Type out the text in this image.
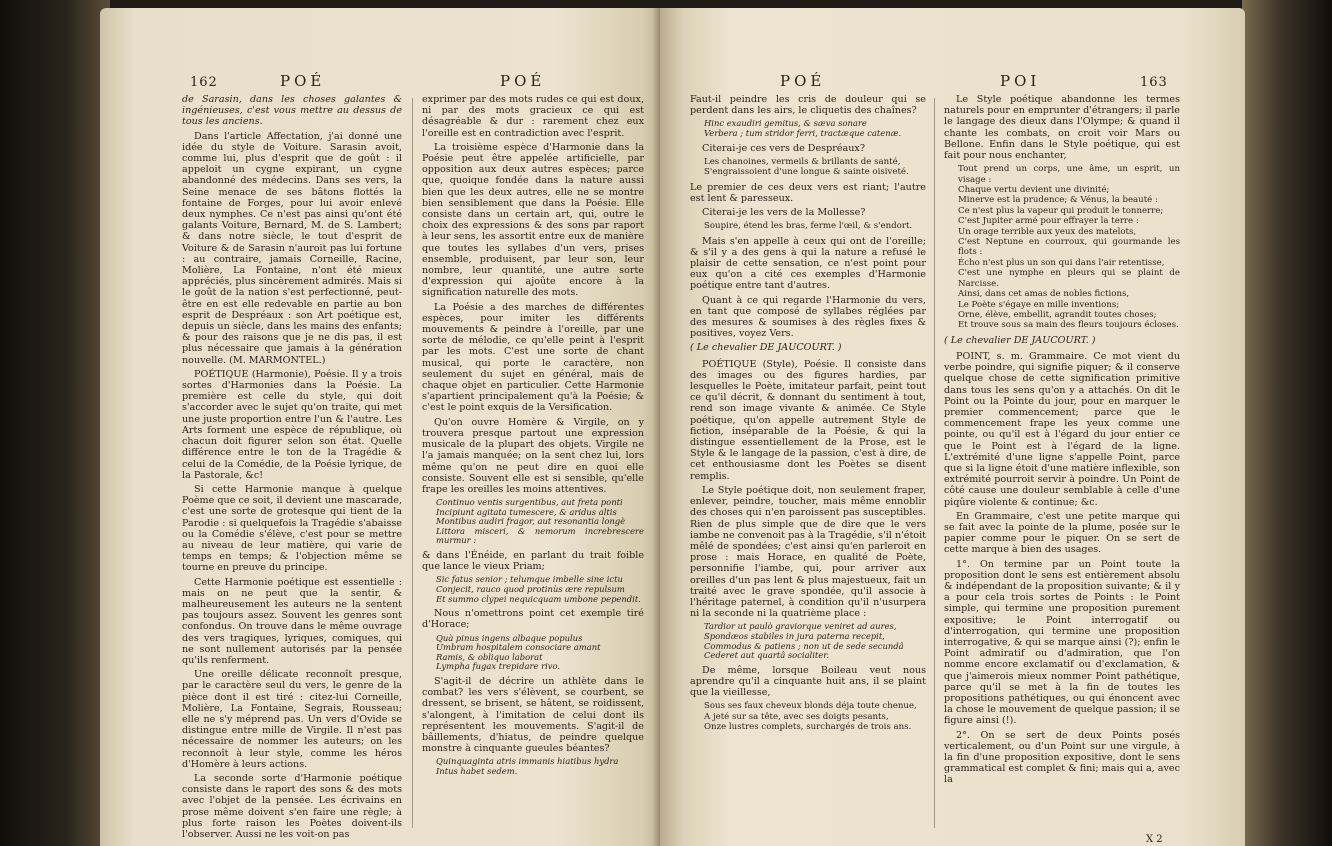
162	POÉ	POÉ

de Sarasin, dans les choses galantes & ingénieuses, c'est vous mettre au dessus de tous les anciens.

Dans l'article Affectation, j'ai donné une idée du style de Voiture. Sarasin avoit, comme lui, plus d'esprit que de goût : il appeloit un cygne expirant, un cygne abandonné des médecins. Dans ses vers, la Seine menace de ses bâtons flottés la fontaine de Forges, pour lui avoir enlevé deux nymphes. Ce n'est pas ainsi qu'ont été galants Voiture, Bernard, M. de S. Lambert; & dans notre siècle, le tout d'esprit de Voiture & de Sarasin n'auroit pas lui fortune : au contraire, jamais Corneille, Racine, Molière, La Fontaine, n'ont été mieux appréciés, plus sincèrement admirés. Mais si le goût de la nation s'est perfectionné, peut-être en est elle redevable en partie au bon esprit de Despréaux : son Art poétique est, depuis un siècle, dans les mains des enfants; & pour des raisons que je ne dis pas, il est plus nécessaire que jamais à la génération nouvelle. (M. MARMONTEL.)

POÉTIQUE (Harmonie), Poésie. Il y a trois sortes d'Harmonies dans la Poésie. La première est celle du style, qui doit s'accorder avec le sujet qu'on traite, qui met une juste proportion entre l'un & l'autre. Les Arts forment une espèce de république, où chacun doit figurer selon son état. Quelle différence entre le ton de la Tragédie & celui de la Comédie, de la Poésie lyrique, de la Pastorale, &c!

Si cette Harmonie manque à quelque Poème que ce soit, il devient une mascarade, c'est une sorte de grotesque qui tient de la Parodie : si quelquefois la Tragédie s'abaisse ou la Comédie s'élève, c'est pour se mettre au niveau de leur matière, qui varie de temps en temps; & l'objection même se tourne en preuve du principe.

Cette Harmonie poétique est essentielle : mais on ne peut que la sentir, & malheureusement les auteurs ne la sentent pas toujours assez. Souvent les genres sont confondus. On trouve dans le même ouvrage des vers tragiques, lyriques, comiques, qui ne sont nullement autorisés par la pensée qu'ils renferment.

Une oreille délicate reconnoît presque, par le caractère seul du vers, le genre de la pièce dont il est tiré : citez-lui Corneille, Molière, La Fontaine, Segrais, Rousseau; elle ne s'y méprend pas. Un vers d'Ovide se distingue entre mille de Virgile. Il n'est pas nécessaire de nommer les auteurs; on les reconnoît à leur style, comme les héros d'Homère à leurs actions.

La seconde sorte d'Harmonie poétique consiste dans le raport des sons & des mots avec l'objet de la pensée. Les écrivains en prose même doivent s'en faire une règle; à plus forte raison les Poètes doivent-ils l'observer. Aussi ne les voit-on pas

exprimer par des mots rudes ce qui est doux, ni par des mots gracieux ce qui est désagréable & dur : rarement chez eux l'oreille est en contradiction avec l'esprit.

La troisième espèce d'Harmonie dans la Poésie peut être appelée artificielle, par opposition aux deux autres espèces; parce que, quoique fondée dans la nature aussi bien que les deux autres, elle ne se montre bien sensiblement que dans la Poésie. Elle consiste dans un certain art, qui, outre le choix des expressions & des sons par raport à leur sens, les assortit entre eux de manière que toutes les syllabes d'un vers, prises ensemble, produisent, par leur son, leur nombre, leur quantité, une autre sorte d'expression qui ajoûte encore à la signification naturelle des mots.

La Poésie a des marches de différentes espèces, pour imiter les différents mouvements & peindre à l'oreille, par une sorte de mélodie, ce qu'elle peint à l'esprit par les mots. C'est une sorte de chant musical, qui porte le caractère, non seulement du sujet en général, mais de chaque objet en particulier. Cette Harmonie s'apartient principalement qu'à la Poésie; & c'est le point exquis de la Versification.

Qu'on ouvre Homère & Virgile, on y trouvera presque partout une expression musicale de la plupart des objets. Virgile ne l'a jamais manquée; on la sent chez lui, lors même qu'on ne peut dire en quoi elle consiste. Souvent elle est si sensible, qu'elle frape les oreilles les moins attentives.

Continuo ventis surgentibus, aut freta ponti
Incipiunt agitata tumescere, & aridus altis
Montibus audiri fragor, aut resonantia longè
Littora misceri, & nemorum increbrescere murmur :

& dans l'Énéide, en parlant du trait foible que lance le vieux Priam;

Sic fatus senior ; telumque imbelle sine ictu
Conjecit, rauco quod protinùs ære repulsum
Et summo clypei nequicquam umbone pependit.

Nous n'omettrons point cet exemple tiré d'Horace;

Quà pinus ingens albaque populus
Umbram hospitalem consociare amant
Ramis, & obliquo laborat
Lympha fugax trepidare rivo.

S'agit-il de décrire un athlète dans le combat? les vers s'élèvent, se courbent, se dressent, se brisent, se hâtent, se roidissent, s'alongent, à l'imitation de celui dont ils représentent les mouvements. S'agit-il de bâillements, d'hiatus, de peindre quelque monstre à cinquante gueules béantes?

Quinquaginta atris immanis hiatibus hydra
Intus habet sedem.
POÉ	POI	163

Faut-il peindre les cris de douleur qui se perdent dans les airs, le cliquetis des chaînes?

Hinc exaudiri gemitus, & sæva sonare
Verbera ; tum stridor ferri, tractæque catenæ.

Citerai-je ces vers de Despréaux?

Les chanoines, vermeils & brillants de santé,
S'engraissoient d'une longue & sainte oisiveté.

Le premier de ces deux vers est riant; l'autre est lent & paresseux.

Citerai-je les vers de la Mollesse?

Soupire, étend les bras, ferme l'œil, & s'endort.

Mais s'en appelle à ceux qui ont de l'oreille; & s'il y a des gens à qui la nature a refusé le plaisir de cette sensation, ce n'est point pour eux qu'on a cité ces exemples d'Harmonie poétique entre tant d'autres.

Quant à ce qui regarde l'Harmonie du vers, en tant que composé de syllabes réglées par des mesures & soumises à des règles fixes & positives, voyez Vers.

( Le chevalier DE JAUCOURT. )

POÉTIQUE (Style), Poésie. Il consiste dans des images ou des figures hardies, par lesquelles le Poète, imitateur parfait, peint tout ce qu'il décrit, & donnant du sentiment à tout, rend son image vivante & animée. Ce Style poétique, qu'on appelle autrement Style de fiction, inséparable de la Poésie, & qui la distingue essentiellement de la Prose, est le Style & le langage de la passion, c'est à dire, de cet enthousiasme dont les Poètes se disent remplis.

Le Style poétique doit, non seulement fraper, enlever, peindre, toucher, mais même ennoblir des choses qui n'en paroissent pas susceptibles. Rien de plus simple que de dire que le vers iambe ne convenoit pas à la Tragédie, s'il n'étoit mêlé de spondées; c'est ainsi qu'en parleroit en prose : mais Horace, en qualité de Poète, personnifie l'iambe, qui, pour arriver aux oreilles d'un pas lent & plus majestueux, fait un traité avec le grave spondée, qu'il associe à l'héritage paternel, à condition qu'il n'usurpera ni la seconde ni la quatrième place :

Tardior ut paulò graviorque veniret ad aures,
Spondæos stabiles in jura paterna recepit,
Commodus & patiens ; non ut de sede secundâ
Cederet aut quartâ socialiter.

De même, lorsque Boileau veut nous aprendre qu'il a cinquante huit ans, il se plaint que la vieillesse,

Sous ses faux cheveux blonds déja toute chenue,
A jeté sur sa tête, avec ses doigts pesants,
Onze lustres complets, surchargés de trois ans.

Le Style poétique abandonne les termes naturels pour en emprunter d'étrangers; il parle le langage des dieux dans l'Olympe; & quand il chante les combats, on croit voir Mars ou Bellone. Enfin dans le Style poétique, qui est fait pour nous enchanter,

Tout prend un corps, une âme, un esprit, un visage :
Chaque vertu devient une divinité;
Minerve est la prudence; & Vénus, la beauté :
Ce n'est plus la vapeur qui produit le tonnerre;
C'est Jupiter armé pour effrayer la terre :
Un orage terrible aux yeux des matelots,
C'est Neptune en courroux, qui gourmande les flots :
Écho n'est plus un son qui dans l'air retentisse,
C'est une nymphe en pleurs qui se plaint de Narcisse.
Ainsi, dans cet amas de nobles fictions,
Le Poète s'égaye en mille inventions;
Orne, élève, embellit, agrandit toutes choses;
Et trouve sous sa main des fleurs toujours écloses.

( Le chevalier DE JAUCOURT. )

POINT, s. m. Grammaire. Ce mot vient du verbe poindre, qui signifie piquer; & il conserve quelque chose de cette signification primitive dans tous les sens qu'on y a attachés. On dit le Point ou la Pointe du jour, pour en marquer le premier commencement; parce que le commencement frape les yeux comme une pointe, ou qu'il est à l'égard du jour entier ce que le Point est à l'égard de la ligne. L'extrémité d'une ligne s'appelle Point, parce que si la ligne étoit d'une matière inflexible, son extrémité pourroit servir à poindre. Un Point de côté cause une douleur semblable à celle d'une piqûre violente & continue; &c.

En Grammaire, c'est une petite marque qui se fait avec la pointe de la plume, posée sur le papier comme pour le piquer. On se sert de cette marque à bien des usages.

1°. On termine par un Point toute la proposition dont le sens est entièrement absolu & indépendant de la proposition suivante; & il y a pour cela trois sortes de Points : le Point simple, qui termine une proposition purement expositive; le Point interrogatif ou d'interrogation, qui termine une proposition interrogative, & qui se marque ainsi (?); enfin le Point admiratif ou d'admiration, que l'on nomme encore exclamatif ou d'exclamation, & que j'aimerois mieux nommer Point pathétique, parce qu'il se met à la fin de toutes les propositions pathétiques, ou qui énoncent avec la chose le mouvement de quelque passion; il se figure ainsi (!).

2°. On se sert de deux Points posés verticalement, ou d'un Point sur une virgule, à la fin d'une proposition expositive, dont le sens grammatical est complet & fini; mais qui a, avec la

X 2
